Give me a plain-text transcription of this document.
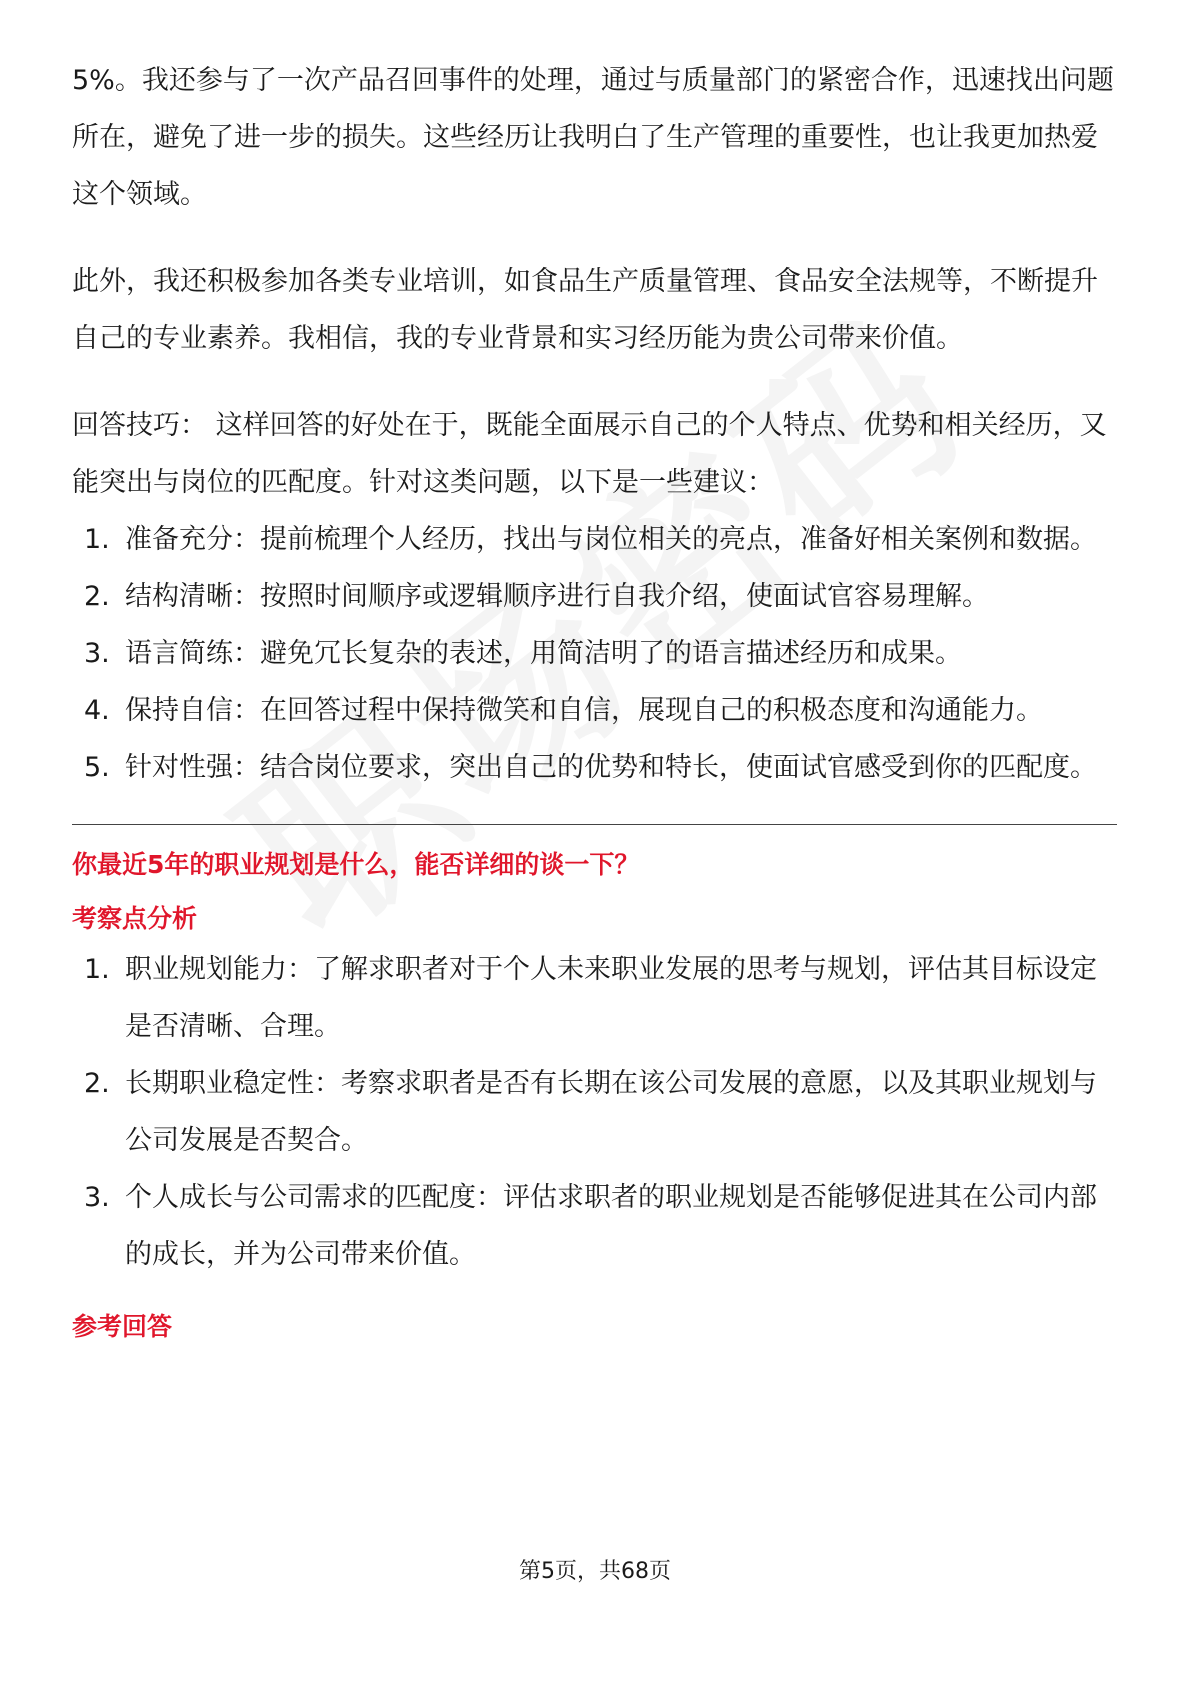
5%。我还参与了一次产品召回事件的处理，通过与质量部门的紧密合作，迅速找出问题所在，避免了进一步的损失。这些经历让我明白了生产管理的重要性，也让我更加热爱这个领域。

此外，我还积极参加各类专业培训，如食品生产质量管理、食品安全法规等，不断提升自己的专业素养。我相信，我的专业背景和实习经历能为贵公司带来价值。

回答技巧： 这样回答的好处在于，既能全面展示自己的个人特点、优势和相关经历，又能突出与岗位的匹配度。针对这类问题，以下是一些建议：

1. 准备充分：提前梳理个人经历，找出与岗位相关的亮点，准备好相关案例和数据。
2. 结构清晰：按照时间顺序或逻辑顺序进行自我介绍，使面试官容易理解。
3. 语言简练：避免冗长复杂的表述，用简洁明了的语言描述经历和成果。
4. 保持自信：在回答过程中保持微笑和自信，展现自己的积极态度和沟通能力。
5. 针对性强：结合岗位要求，突出自己的优势和特长，使面试官感受到你的匹配度。
你最近5年的职业规划是什么，能否详细的谈一下？
考察点分析
1. 职业规划能力：了解求职者对于个人未来职业发展的思考与规划，评估其目标设定是否清晰、合理。
2. 长期职业稳定性：考察求职者是否有长期在该公司发展的意愿，以及其职业规划与公司发展是否契合。
3. 个人成长与公司需求的匹配度：评估求职者的职业规划是否能够促进其在公司内部的成长，并为公司带来价值。
参考回答
第5页，共68页
